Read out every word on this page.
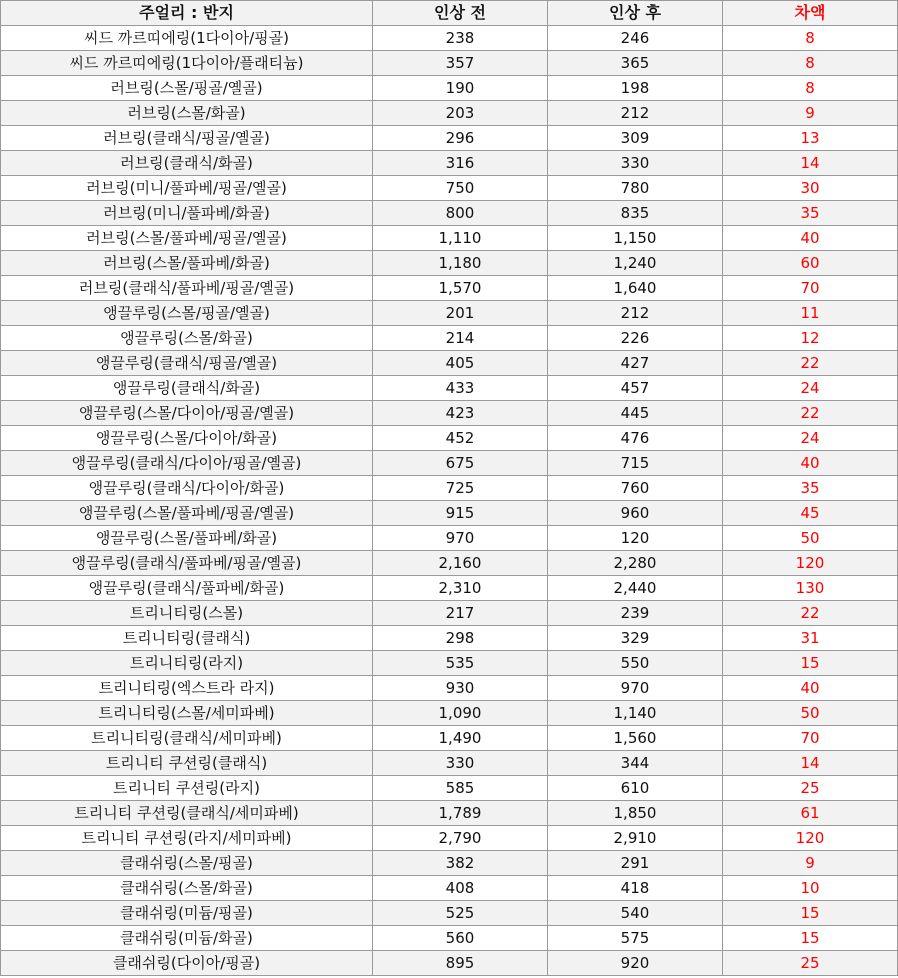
주얼리 : 반지	인상 전	인상 후	차액
씨드 까르띠에링(1다이아/핑골)	238	246	8
씨드 까르띠에링(1다이아/플래티늄)	357	365	8
러브링(스몰/핑골/옐골)	190	198	8
러브링(스몰/화골)	203	212	9
러브링(클래식/핑골/옐골)	296	309	13
러브링(클래식/화골)	316	330	14
러브링(미니/풀파베/핑골/옐골)	750	780	30
러브링(미니/풀파베/화골)	800	835	35
러브링(스몰/풀파베/핑골/옐골)	1,110	1,150	40
러브링(스몰/풀파베/화골)	1,180	1,240	60
러브링(클래식/풀파베/핑골/옐골)	1,570	1,640	70
앵끌루링(스몰/핑골/옐골)	201	212	11
앵끌루링(스몰/화골)	214	226	12
앵끌루링(클래식/핑골/옐골)	405	427	22
앵끌루링(클래식/화골)	433	457	24
앵끌루링(스몰/다이아/핑골/옐골)	423	445	22
앵끌루링(스몰/다이아/화골)	452	476	24
앵끌루링(클래식/다이아/핑골/옐골)	675	715	40
앵끌루링(클래식/다이아/화골)	725	760	35
앵끌루링(스몰/풀파베/핑골/옐골)	915	960	45
앵끌루링(스몰/풀파베/화골)	970	120	50
앵끌루링(클래식/풀파베/핑골/옐골)	2,160	2,280	120
앵끌루링(클래식/풀파베/화골)	2,310	2,440	130
트리니티링(스몰)	217	239	22
트리니티링(클래식)	298	329	31
트리니티링(라지)	535	550	15
트리니티링(엑스트라 라지)	930	970	40
트리니티링(스몰/세미파베)	1,090	1,140	50
트리니티링(클래식/세미파베)	1,490	1,560	70
트리니티 쿠션링(클래식)	330	344	14
트리니티 쿠션링(라지)	585	610	25
트리니티 쿠션링(클래식/세미파베)	1,789	1,850	61
트리니티 쿠션링(라지/세미파베)	2,790	2,910	120
클래쉬링(스몰/핑골)	382	291	9
클래쉬링(스몰/화골)	408	418	10
클래쉬링(미듐/핑골)	525	540	15
클래쉬링(미듐/화골)	560	575	15
클래쉬링(다이아/핑골)	895	920	25
